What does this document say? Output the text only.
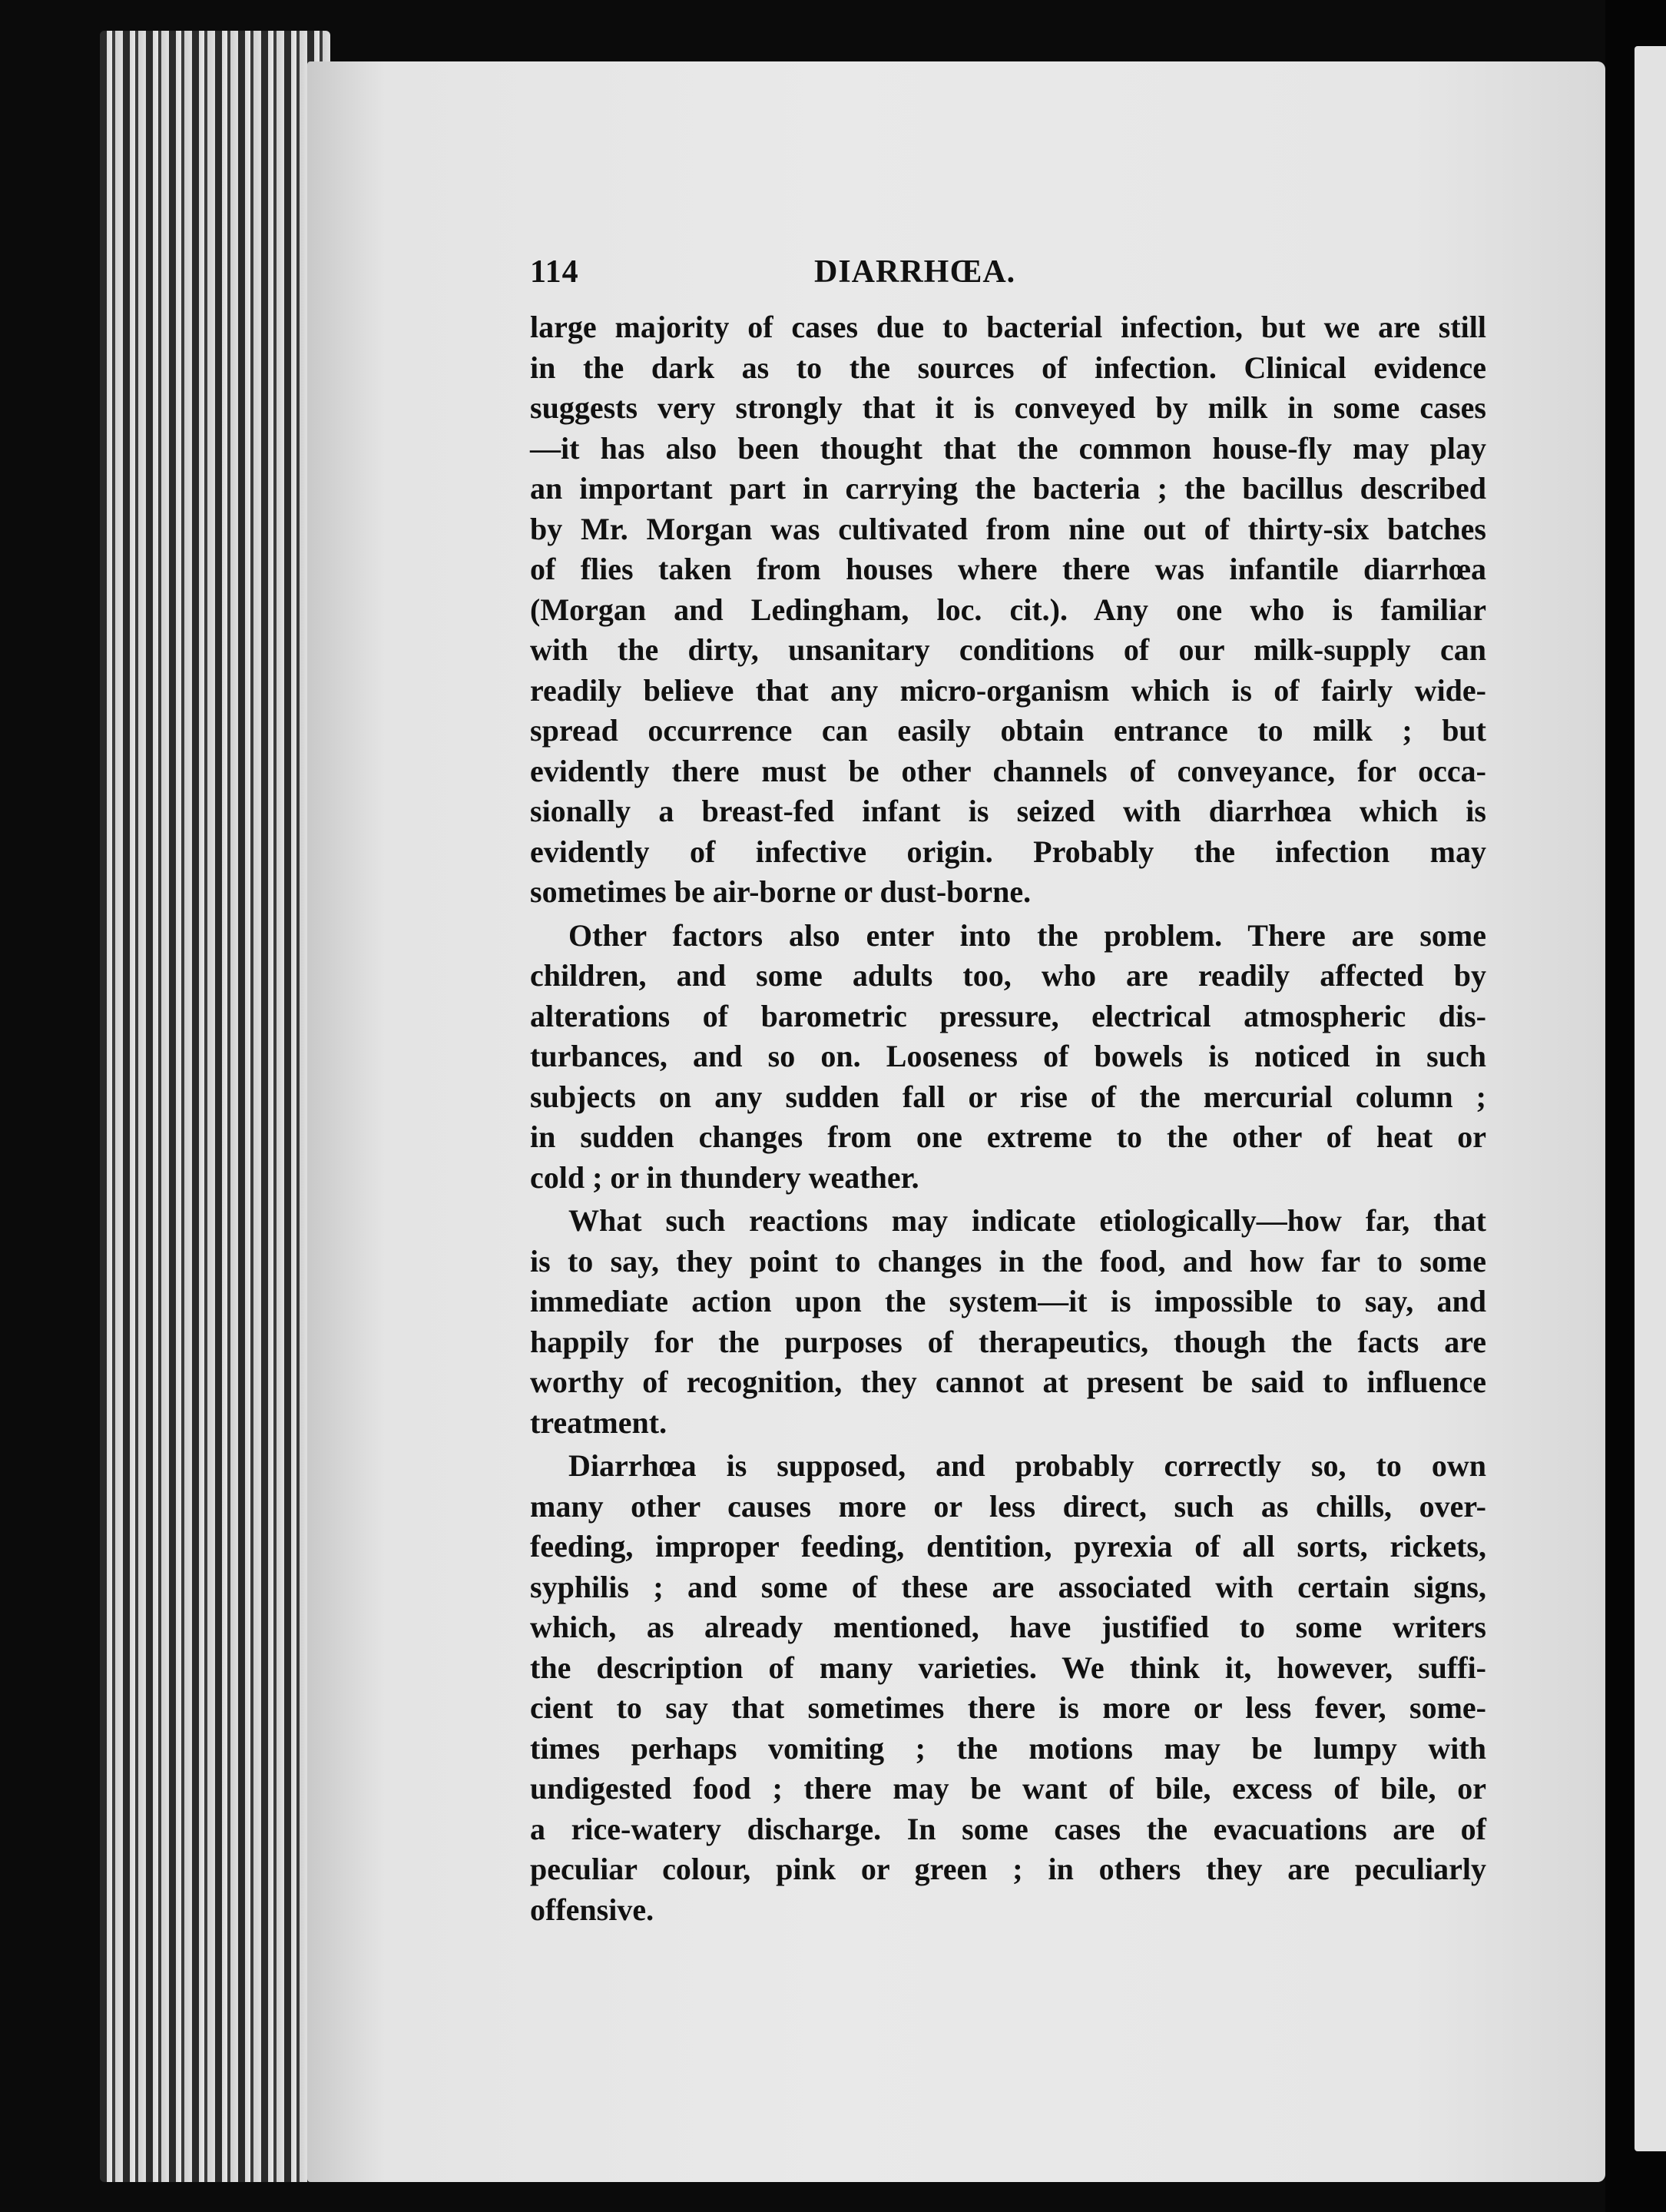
114	DIARRHŒA.
large majority of cases due to bacterial infection, but we are still
in the dark as to the sources of infection. Clinical evidence
suggests very strongly that it is conveyed by milk in some cases
—it has also been thought that the common house-fly may play
an important part in carrying the bacteria ; the bacillus described
by Mr. Morgan was cultivated from nine out of thirty-six batches
of flies taken from houses where there was infantile diarrhœa
(Morgan and Ledingham, loc. cit.). Any one who is familiar
with the dirty, unsanitary conditions of our milk-supply can
readily believe that any micro-organism which is of fairly wide-
spread occurrence can easily obtain entrance to milk ; but
evidently there must be other channels of conveyance, for occa-
sionally a breast-fed infant is seized with diarrhœa which is
evidently of infective origin. Probably the infection may
sometimes be air-borne or dust-borne.
Other factors also enter into the problem. There are some
children, and some adults too, who are readily affected by
alterations of barometric pressure, electrical atmospheric dis-
turbances, and so on. Looseness of bowels is noticed in such
subjects on any sudden fall or rise of the mercurial column ;
in sudden changes from one extreme to the other of heat or
cold ; or in thundery weather.
What such reactions may indicate etiologically—how far, that
is to say, they point to changes in the food, and how far to some
immediate action upon the system—it is impossible to say, and
happily for the purposes of therapeutics, though the facts are
worthy of recognition, they cannot at present be said to influence
treatment.
Diarrhœa is supposed, and probably correctly so, to own
many other causes more or less direct, such as chills, over-
feeding, improper feeding, dentition, pyrexia of all sorts, rickets,
syphilis ; and some of these are associated with certain signs,
which, as already mentioned, have justified to some writers
the description of many varieties. We think it, however, suffi-
cient to say that sometimes there is more or less fever, some-
times perhaps vomiting ; the motions may be lumpy with
undigested food ; there may be want of bile, excess of bile, or
a rice-watery discharge. In some cases the evacuations are of
peculiar colour, pink or green ; in others they are peculiarly
offensive.
